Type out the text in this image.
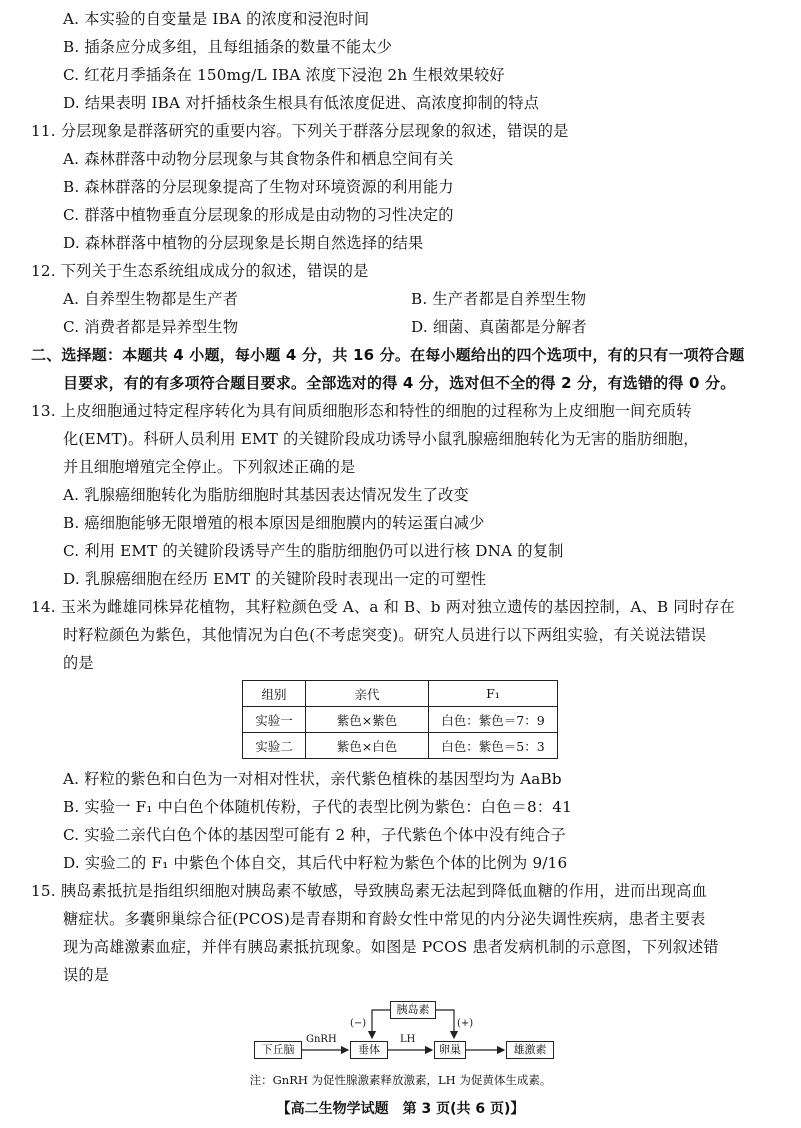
A. 本实验的自变量是 IBA 的浓度和浸泡时间
B. 插条应分成多组，且每组插条的数量不能太少
C. 红花月季插条在 150mg/L IBA 浓度下浸泡 2h 生根效果较好
D. 结果表明 IBA 对扦插枝条生根具有低浓度促进、高浓度抑制的特点
11. 分层现象是群落研究的重要内容。下列关于群落分层现象的叙述，错误的是
A. 森林群落中动物分层现象与其食物条件和栖息空间有关
B. 森林群落的分层现象提高了生物对环境资源的利用能力
C. 群落中植物垂直分层现象的形成是由动物的习性决定的
D. 森林群落中植物的分层现象是长期自然选择的结果
12. 下列关于生态系统组成成分的叙述，错误的是
A. 自养型生物都是生产者	B. 生产者都是自养型生物
C. 消费者都是异养型生物	D. 细菌、真菌都是分解者
二、选择题：本题共 4 小题，每小题 4 分，共 16 分。在每小题给出的四个选项中，有的只有一项符合题
目要求，有的有多项符合题目要求。全部选对的得 4 分，选对但不全的得 2 分，有选错的得 0 分。
13. 上皮细胞通过特定程序转化为具有间质细胞形态和特性的细胞的过程称为上皮细胞一间充质转
化(EMT)。科研人员利用 EMT 的关键阶段成功诱导小鼠乳腺癌细胞转化为无害的脂肪细胞，
并且细胞增殖完全停止。下列叙述正确的是
A. 乳腺癌细胞转化为脂肪细胞时其基因表达情况发生了改变
B. 癌细胞能够无限增殖的根本原因是细胞膜内的转运蛋白减少
C. 利用 EMT 的关键阶段诱导产生的脂肪细胞仍可以进行核 DNA 的复制
D. 乳腺癌细胞在经历 EMT 的关键阶段时表现出一定的可塑性
14. 玉米为雌雄同株异花植物，其籽粒颜色受 A、a 和 B、b 两对独立遗传的基因控制，A、B 同时存在
时籽粒颜色为紫色，其他情况为白色(不考虑突变)。研究人员进行以下两组实验，有关说法错误
的是
组别	亲代	F₁
实验一	紫色×紫色	白色：紫色＝7：9
实验二	紫色×白色	白色：紫色＝5：3
A. 籽粒的紫色和白色为一对相对性状，亲代紫色植株的基因型均为 AaBb
B. 实验一 F₁ 中白色个体随机传粉，子代的表型比例为紫色：白色＝8：41
C. 实验二亲代白色个体的基因型可能有 2 种，子代紫色个体中没有纯合子
D. 实验二的 F₁ 中紫色个体自交，其后代中籽粒为紫色个体的比例为 9/16
15. 胰岛素抵抗是指组织细胞对胰岛素不敏感，导致胰岛素无法起到降低血糖的作用，进而出现高血
糖症状。多囊卵巢综合征(PCOS)是青春期和育龄女性中常见的内分泌失调性疾病，患者主要表
现为高雄激素血症，并伴有胰岛素抵抗现象。如图是 PCOS 患者发病机制的示意图，下列叙述错
误的是
胰岛素
下丘脑	垂体	卵巢	雄激素
GnRH	LH
(−)	(+)
注：GnRH 为促性腺激素释放激素，LH 为促黄体生成素。
【高二生物学试题　第 3 页(共 6 页)】
